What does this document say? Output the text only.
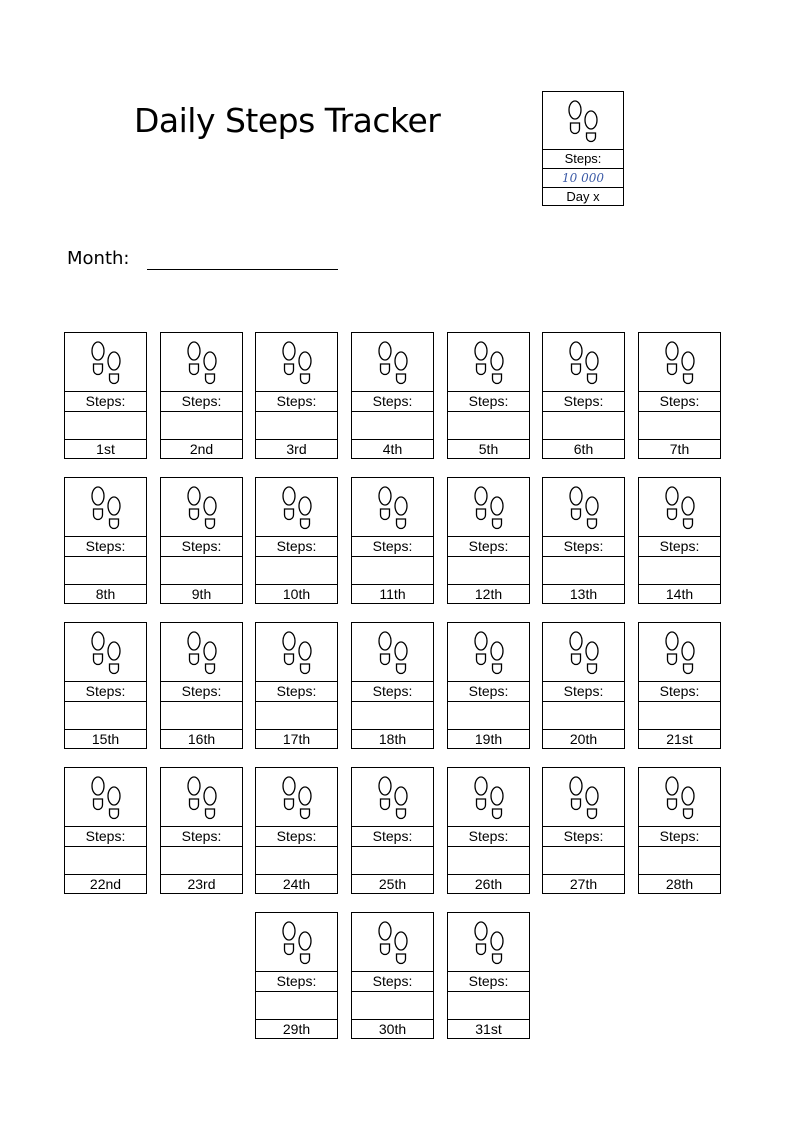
Daily Steps Tracker
Steps:
10 000
Day x
Month:
Steps:
1st
Steps:
2nd
Steps:
3rd
Steps:
4th
Steps:
5th
Steps:
6th
Steps:
7th
Steps:
8th
Steps:
9th
Steps:
10th
Steps:
11th
Steps:
12th
Steps:
13th
Steps:
14th
Steps:
15th
Steps:
16th
Steps:
17th
Steps:
18th
Steps:
19th
Steps:
20th
Steps:
21st
Steps:
22nd
Steps:
23rd
Steps:
24th
Steps:
25th
Steps:
26th
Steps:
27th
Steps:
28th
Steps:
29th
Steps:
30th
Steps:
31st
